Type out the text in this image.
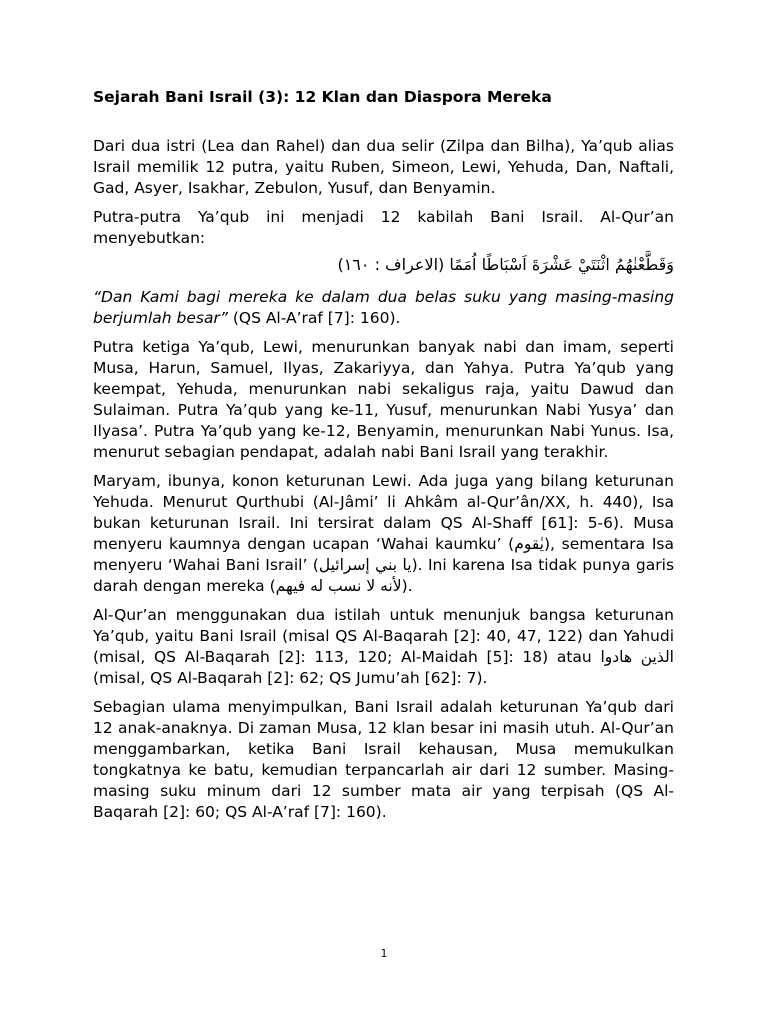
Sejarah Bani Israil (3): 12 Klan dan Diaspora Mereka

Dari dua istri (Lea dan Rahel) dan dua selir (Zilpa dan Bilha), Ya’qub alias Israil memilik 12 putra, yaitu Ruben, Simeon, Lewi, Yehuda, Dan, Naftali, Gad, Asyer, Isakhar, Zebulon, Yusuf, dan Benyamin.

Putra-putra Ya’qub ini menjadi 12 kabilah Bani Israil. Al-Qur’an menyebutkan:

وَقَطَّعْنٰهُمُ اثْنَتَيْ عَشْرَةَ اَسْبَاطًا اُمَمًا (الاعراف : ١٦٠)

“Dan Kami bagi mereka ke dalam dua belas suku yang masing-masing berjumlah besar” (QS Al-A’raf [7]: 160).

Putra ketiga Ya’qub, Lewi, menurunkan banyak nabi dan imam, seperti Musa, Harun, Samuel, Ilyas, Zakariyya, dan Yahya. Putra Ya’qub yang keempat, Yehuda, menurunkan nabi sekaligus raja, yaitu Dawud dan Sulaiman. Putra Ya’qub yang ke-11, Yusuf, menurunkan Nabi Yusya’ dan Ilyasa’. Putra Ya’qub yang ke-12, Benyamin, menurunkan Nabi Yunus. Isa, menurut sebagian pendapat, adalah nabi Bani Israil yang terakhir.

Maryam, ibunya, konon keturunan Lewi. Ada juga yang bilang keturunan Yehuda. Menurut Qurthubi (Al-Jâmi’ li Ahkâm al-Qur’ân/XX, h. 440), Isa bukan keturunan Israil. Ini tersirat dalam QS Al-Shaff [61]: 5-6). Musa menyeru kaumnya dengan ucapan ‘Wahai kaumku’ (يٰقوم), sementara Isa menyeru ‘Wahai Bani Israil’ (يا بني إسرائيل). Ini karena Isa tidak punya garis darah dengan mereka (لأنه لا نسب له فيهم).

Al-Qur’an menggunakan dua istilah untuk menunjuk bangsa keturunan Ya’qub, yaitu Bani Israil (misal QS Al-Baqarah [2]: 40, 47, 122) dan Yahudi (misal, QS Al-Baqarah [2]: 113, 120; Al-Maidah [5]: 18) atau الذين هادوا (misal, QS Al-Baqarah [2]: 62; QS Jumu’ah [62]: 7).

Sebagian ulama menyimpulkan, Bani Israil adalah keturunan Ya’qub dari 12 anak-anaknya. Di zaman Musa, 12 klan besar ini masih utuh. Al-Qur’an menggambarkan, ketika Bani Israil kehausan, Musa memukulkan tongkatnya ke batu, kemudian terpancarlah air dari 12 sumber. Masing-masing suku minum dari 12 sumber mata air yang terpisah (QS Al-Baqarah [2]: 60; QS Al-A’raf [7]: 160).

1
